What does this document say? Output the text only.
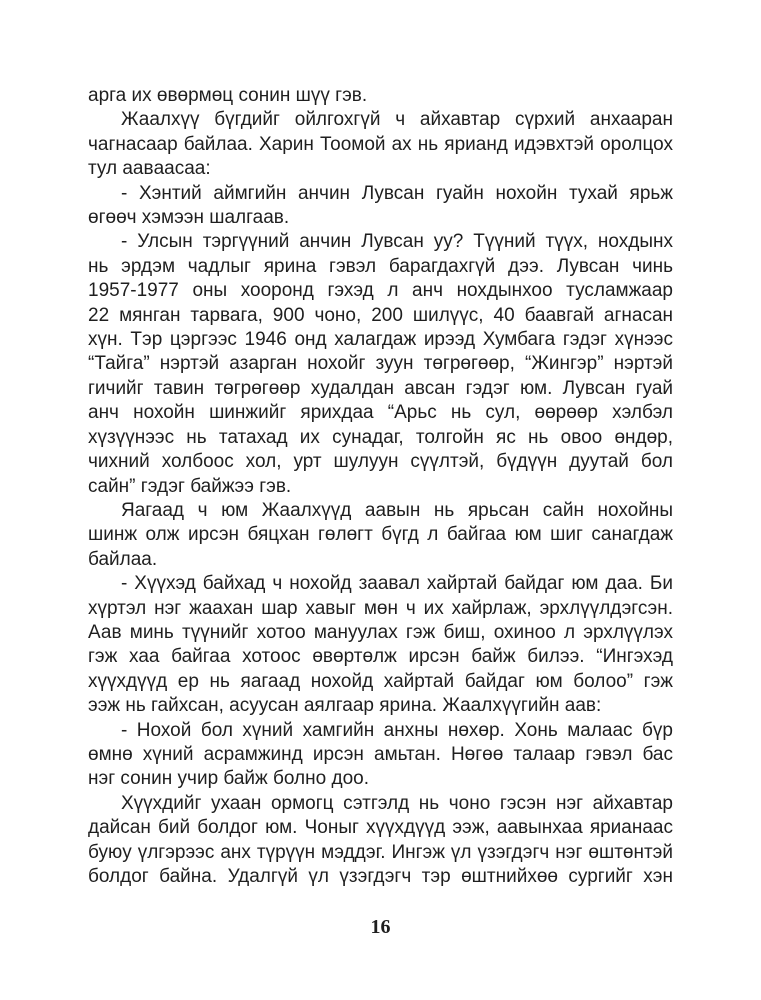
арга их өвөрмөц сонин шүү гэв.
Жаалхүү бүгдийг ойлгохгүй ч айхавтар сүрхий анхааран
чагнасаар байлаа. Харин Тоомой ах нь ярианд идэвхтэй оролцох
тул аавaасаа:
- Хэнтий аймгийн анчин Лувсан гуайн нохойн тухай ярьж
өгөөч хэмээн шалгаав.
- Улсын тэргүүний анчин Лувсан уу? Түүний түүх, нохдынх
нь эрдэм чадлыг ярина гэвэл барагдахгүй дээ. Лувсан чинь
1957-1977 оны хооронд гэхэд л анч нохдынхоо тусламжаар
22 мянган тарвага, 900 чоно, 200 шилүүс, 40 баавгай агнасан
хүн. Тэр цэргээс 1946 онд халагдаж ирээд Хумбага гэдэг хүнээс
“Тайга” нэртэй азарган нохойг зуун төгрөгөөр, “Жингэр” нэртэй
гичийг тавин төгрөгөөр худалдан авсан гэдэг юм. Лувсан гуай
анч нохойн шинжийг ярихдаа “Арьс нь сул, өөрөөр хэлбэл
хүзүүнээс нь татахад их сунадаг, толгойн яс нь овоо өндөр,
чихний холбоос хол, урт шулуун сүүлтэй, бүдүүн дуутай бол
сайн” гэдэг байжээ гэв.
Яагаад ч юм Жаалхүүд аавын нь ярьсан сайн нохойны
шинж олж ирсэн бяцхан гөлөгт бүгд л байгаа юм шиг санагдаж
байлаа.
- Хүүхэд байхад ч нохойд заавал хайртай байдаг юм даа. Би
хүртэл нэг жаахан шар хавыг мөн ч их хайрлаж, эрхлүүлдэгсэн.
Аав минь түүнийг хотоо мануулах гэж биш, охиноо л эрхлүүлэх
гэж хаа байгаа хотоос өвөртөлж ирсэн байж билээ. “Ингэхэд
хүүхдүүд ер нь яагаад нохойд хайртай байдаг юм болоо” гэж
ээж нь гайхсан, асуусан аялгаар ярина. Жаалхүүгийн аав:
- Нохой бол хүний хамгийн анхны нөхөр. Хонь малаас бүр
өмнө хүний асрамжинд ирсэн амьтан. Нөгөө талаар гэвэл бас
нэг сонин учир байж болно доо.
Хүүхдийг ухаан ормогц сэтгэлд нь чоно гэсэн нэг айхавтар
дайсан бий болдог юм. Чоныг хүүхдүүд ээж, аавынхаа ярианаас
буюу үлгэрээс анх түрүүн мэддэг. Ингэж үл үзэгдэгч нэг өштөнтэй
болдог байна. Удалгүй үл үзэгдэгч тэр өштнийхөө сургийг хэн
16
